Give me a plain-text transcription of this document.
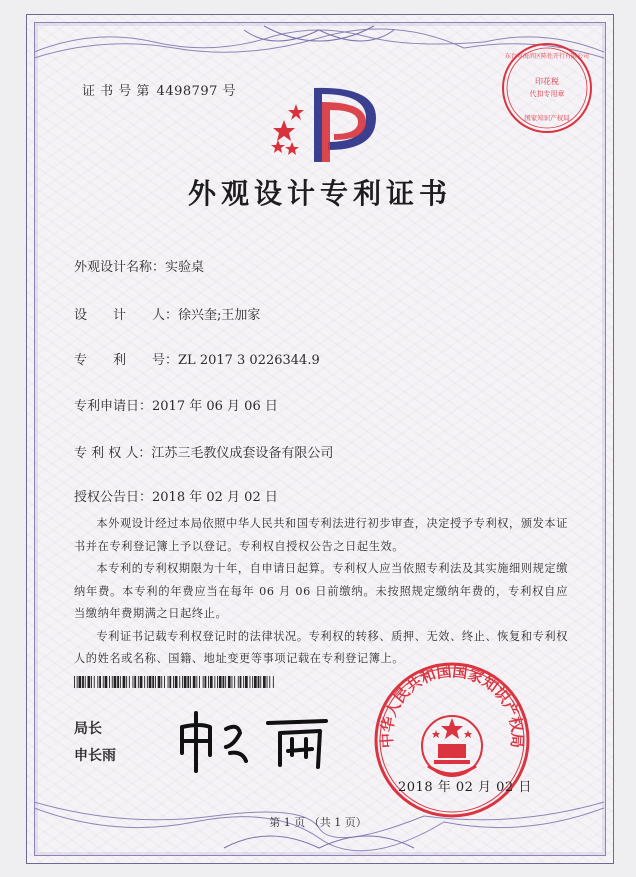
印花税
代扣专用章
国家知识产权局
东台市海滨区陈佐开行有限公司
证 书 号 第 4498797 号
外观设计专利证书
外观设计名称：实验桌
设　　计　　人：徐兴奎;王加家
专　　利　　号：ZL 2017 3 0226344.9
专利申请日：2017 年 06 月 06 日
专 利 权 人：江苏三毛教仪成套设备有限公司
授权公告日：2018 年 02 月 02 日

本外观设计经过本局依照中华人民共和国专利法进行初步审查，决定授予专利权，颁发本证书并在专利登记簿上予以登记。专利权自授权公告之日起生效。

本专利的专利权期限为十年，自申请日起算。专利权人应当依照专利法及其实施细则规定缴纳年费。本专利的年费应当在每年 06 月 06 日前缴纳。未按照规定缴纳年费的，专利权自应当缴纳年费期满之日起终止。

专利证书记载专利权登记时的法律状况。专利权的转移、质押、无效、终止、恢复和专利权人的姓名或名称、国籍、地址变更等事项记载在专利登记簿上。

局长
申长雨
中华人民共和国国家知识产权局
2018 年 02 月 02 日
第 1 页 （共 1 页）
